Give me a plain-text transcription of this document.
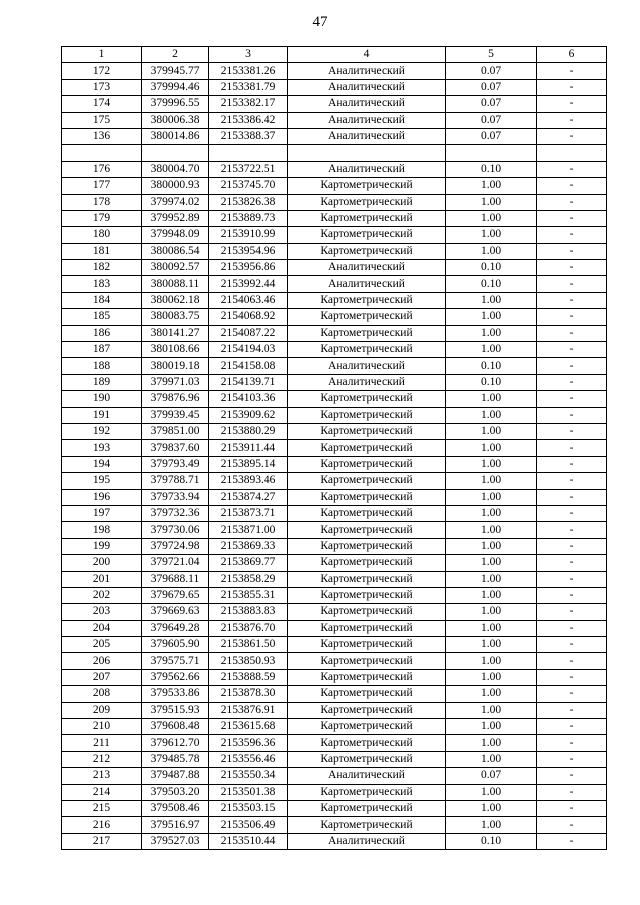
47
1	2	3	4	5	6
172	379945.77	2153381.26	Аналитический	0.07	-
173	379994.46	2153381.79	Аналитический	0.07	-
174	379996.55	2153382.17	Аналитический	0.07	-
175	380006.38	2153386.42	Аналитический	0.07	-
136	380014.86	2153388.37	Аналитический	0.07	-

176	380004.70	2153722.51	Аналитический	0.10	-
177	380000.93	2153745.70	Картометрический	1.00	-
178	379974.02	2153826.38	Картометрический	1.00	-
179	379952.89	2153889.73	Картометрический	1.00	-
180	379948.09	2153910.99	Картометрический	1.00	-
181	380086.54	2153954.96	Картометрический	1.00	-
182	380092.57	2153956.86	Аналитический	0.10	-
183	380088.11	2153992.44	Аналитический	0.10	-
184	380062.18	2154063.46	Картометрический	1.00	-
185	380083.75	2154068.92	Картометрический	1.00	-
186	380141.27	2154087.22	Картометрический	1.00	-
187	380108.66	2154194.03	Картометрический	1.00	-
188	380019.18	2154158.08	Аналитический	0.10	-
189	379971.03	2154139.71	Аналитический	0.10	-
190	379876.96	2154103.36	Картометрический	1.00	-
191	379939.45	2153909.62	Картометрический	1.00	-
192	379851.00	2153880.29	Картометрический	1.00	-
193	379837.60	2153911.44	Картометрический	1.00	-
194	379793.49	2153895.14	Картометрический	1.00	-
195	379788.71	2153893.46	Картометрический	1.00	-
196	379733.94	2153874.27	Картометрический	1.00	-
197	379732.36	2153873.71	Картометрический	1.00	-
198	379730.06	2153871.00	Картометрический	1.00	-
199	379724.98	2153869.33	Картометрический	1.00	-
200	379721.04	2153869.77	Картометрический	1.00	-
201	379688.11	2153858.29	Картометрический	1.00	-
202	379679.65	2153855.31	Картометрический	1.00	-
203	379669.63	2153883.83	Картометрический	1.00	-
204	379649.28	2153876.70	Картометрический	1.00	-
205	379605.90	2153861.50	Картометрический	1.00	-
206	379575.71	2153850.93	Картометрический	1.00	-
207	379562.66	2153888.59	Картометрический	1.00	-
208	379533.86	2153878.30	Картометрический	1.00	-
209	379515.93	2153876.91	Картометрический	1.00	-
210	379608.48	2153615.68	Картометрический	1.00	-
211	379612.70	2153596.36	Картометрический	1.00	-
212	379485.78	2153556.46	Картометрический	1.00	-
213	379487.88	2153550.34	Аналитический	0.07	-
214	379503.20	2153501.38	Картометрический	1.00	-
215	379508.46	2153503.15	Картометрический	1.00	-
216	379516.97	2153506.49	Картометрический	1.00	-
217	379527.03	2153510.44	Аналитический	0.10	-
